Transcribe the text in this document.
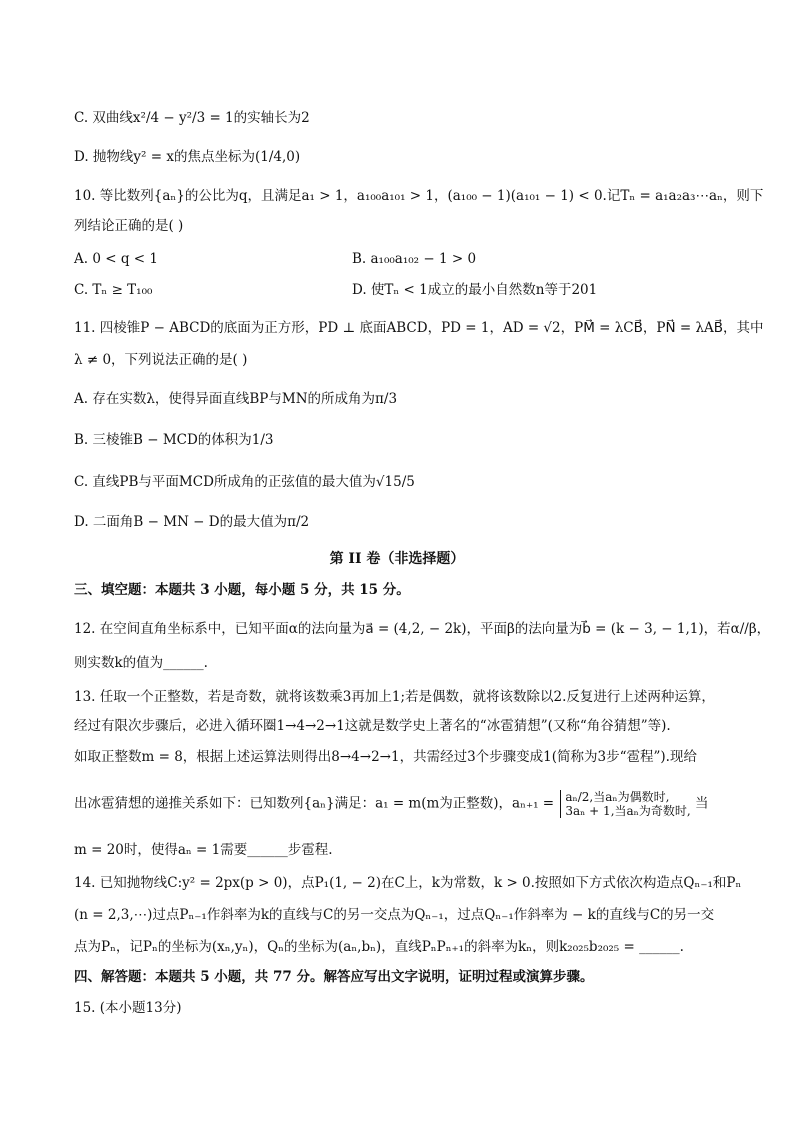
C. 双曲线x²/4 − y²/3 = 1的实轴长为2
D. 抛物线y² = x的焦点坐标为(1/4,0)
10. 等比数列{aₙ}的公比为q，且满足a₁ > 1，a₁₀₀a₁₀₁ > 1，(a₁₀₀ − 1)(a₁₀₁ − 1) < 0.记Tₙ = a₁a₂a₃⋯aₙ，则下
列结论正确的是( )
A. 0 < q < 1	B. a₁₀₀a₁₀₂ − 1 > 0
C. Tₙ ≥ T₁₀₀	D. 使Tₙ < 1成立的最小自然数n等于201
11. 四棱锥P − ABCD的底面为正方形，PD ⊥ 底面ABCD，PD = 1，AD = √2，PM⃗ = λCB⃗，PN⃗ = λAB⃗，其中
λ ≠ 0，下列说法正确的是( )
A. 存在实数λ，使得异面直线BP与MN的所成角为π/3
B. 三棱锥B − MCD的体积为1/3
C. 直线PB与平面MCD所成角的正弦值的最大值为√15/5
D. 二面角B − MN − D的最大值为π/2
第 II 卷（非选择题）
三、填空题：本题共 3 小题，每小题 5 分，共 15 分。
12. 在空间直角坐标系中，已知平面α的法向量为a⃗ = (4,2, − 2k)，平面β的法向量为b⃗ = (k − 3, − 1,1)，若α//β，
则实数k的值为______.
13. 任取一个正整数，若是奇数，就将该数乘3再加上1;若是偶数，就将该数除以2.反复进行上述两种运算，
经过有限次步骤后，必进入循环圈1→4→2→1这就是数学史上著名的“冰雹猜想”(又称“角谷猜想”等).
如取正整数m = 8，根据上述运算法则得出8→4→2→1，共需经过3个步骤变成1(简称为3步“雹程”).现给
出冰雹猜想的递推关系如下：已知数列{aₙ}满足：a₁ = m(m为正整数)，aₙ₊₁ = aₙ/2,当aₙ为偶数时,
3aₙ + 1,当aₙ为奇数时, 当
m = 20时，使得aₙ = 1需要______步雹程.
14. 已知抛物线C:y² = 2px(p > 0)，点P₁(1, − 2)在C上，k为常数，k > 0.按照如下方式依次构造点Qₙ₋₁和Pₙ
(n = 2,3,⋯)过点Pₙ₋₁作斜率为k的直线与C的另一交点为Qₙ₋₁，过点Qₙ₋₁作斜率为 − k的直线与C的另一交
点为Pₙ，记Pₙ的坐标为(xₙ,yₙ)，Qₙ的坐标为(aₙ,bₙ)，直线PₙPₙ₊₁的斜率为kₙ，则k₂₀₂₅b₂₀₂₅ = ______.
四、解答题：本题共 5 小题，共 77 分。解答应写出文字说明，证明过程或演算步骤。
15. (本小题13分)
